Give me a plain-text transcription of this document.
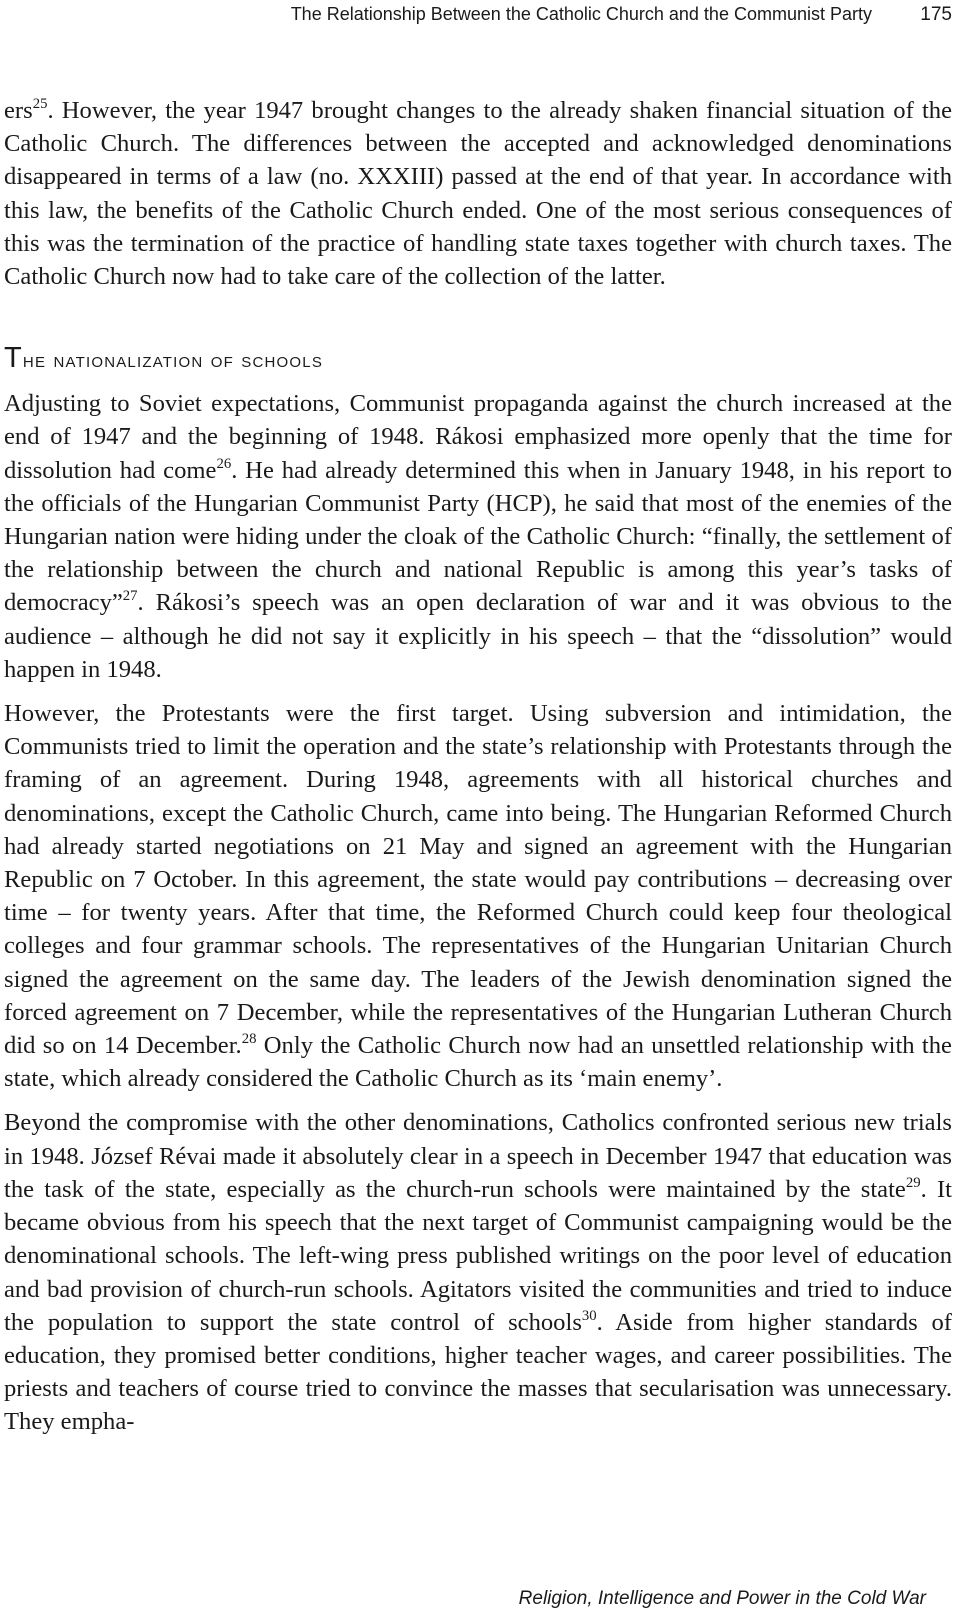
The Relationship Between the Catholic Church and the Communist Party	175

ers$^{25}$. However, the year 1947 brought changes to the already shaken financial situation of the Catholic Church. The differences between the accepted and acknowledged denominations disappeared in terms of a law (no. XXXIII) passed at the end of that year. In accordance with this law, the benefits of the Catholic Church ended. One of the most serious consequences of this was the termination of the practice of handling state taxes together with church taxes. The Catholic Church now had to take care of the collection of the latter.

The nationalization of schools

Adjusting to Soviet expectations, Communist propaganda against the church increased at the end of 1947 and the beginning of 1948. Rákosi emphasized more openly that the time for dissolution had come$^{26}$. He had already determined this when in January 1948, in his report to the officials of the Hungarian Communist Party (HCP), he said that most of the enemies of the Hungarian nation were hiding under the cloak of the Catholic Church: “finally, the settlement of the relationship between the church and national Republic is among this year’s tasks of democracy”$^{27}$. Rákosi’s speech was an open declaration of war and it was obvious to the audience – although he did not say it explicitly in his speech – that the “dissolution” would happen in 1948.

However, the Protestants were the first target. Using subversion and intimidation, the Communists tried to limit the operation and the state’s relationship with Protestants through the framing of an agreement. During 1948, agreements with all historical churches and denominations, except the Catholic Church, came into being. The Hungarian Reformed Church had already started negotiations on 21 May and signed an agreement with the Hungarian Republic on 7 October. In this agreement, the state would pay contributions – decreasing over time – for twenty years. After that time, the Reformed Church could keep four theological colleges and four grammar schools. The representatives of the Hungarian Unitarian Church signed the agreement on the same day. The leaders of the Jewish denomination signed the forced agreement on 7 December, while the representatives of the Hungarian Lutheran Church did so on 14 December.$^{28}$ Only the Catholic Church now had an unsettled relationship with the state, which already considered the Catholic Church as its ‘main enemy’.

Beyond the compromise with the other denominations, Catholics confronted serious new trials in 1948. József Révai made it absolutely clear in a speech in December 1947 that education was the task of the state, especially as the church-run schools were maintained by the state$^{29}$. It became obvious from his speech that the next target of Communist campaigning would be the denominational schools. The left-wing press published writings on the poor level of education and bad provision of church-run schools. Agitators visited the communities and tried to induce the population to support the state control of schools$^{30}$. Aside from higher standards of education, they promised better conditions, higher teacher wages, and career possibilities. The priests and teachers of course tried to convince the masses that secularisation was unnecessary. They empha-

Religion, Intelligence and Power in the Cold War
